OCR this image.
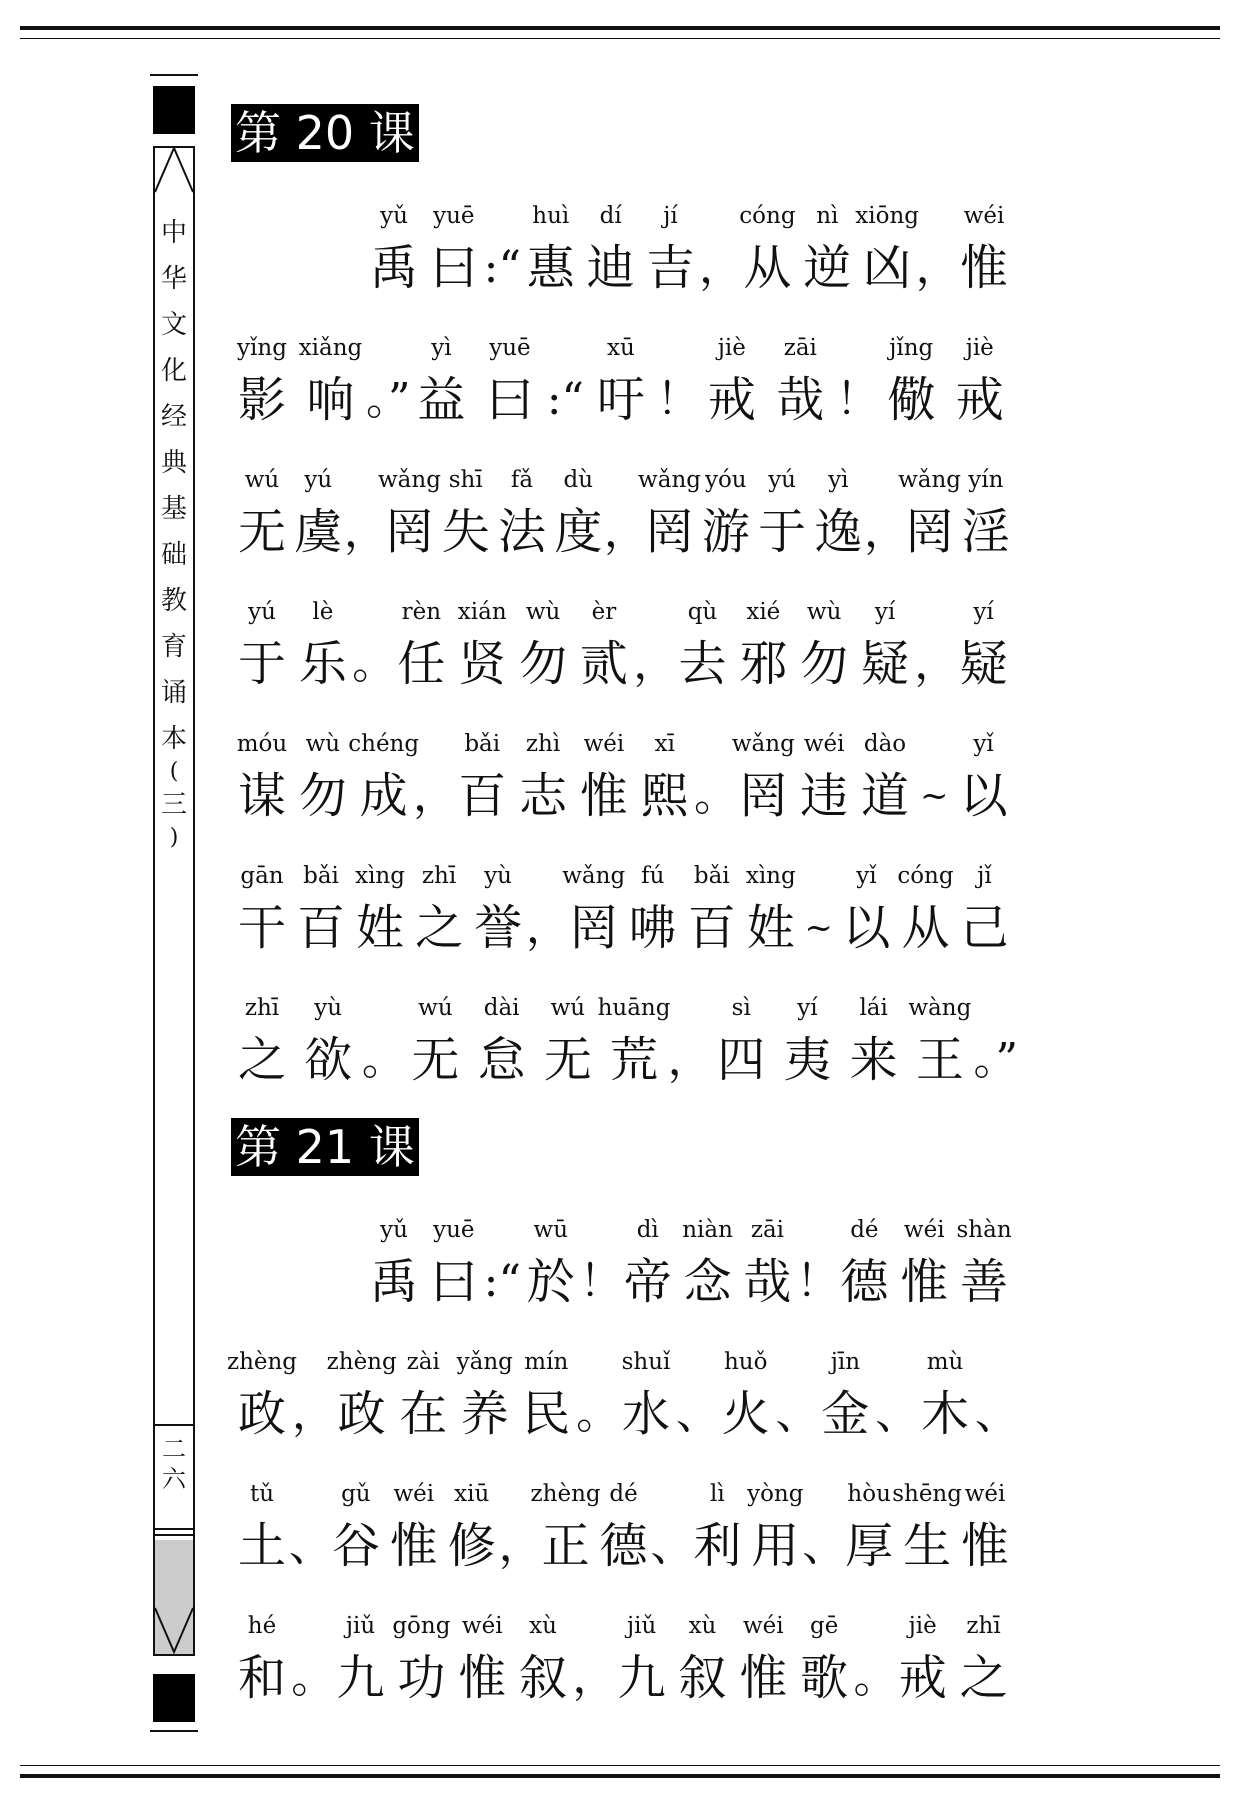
中
华
文
化
经
典
基
础
教
育
诵
本
(
三
)
二
六
第 20 课
第 21 课
yǔ
禹
yuē
曰 :“
huì
惠
dí
迪
jí
吉 ，
cóng
从
nì
逆
xiōng
凶 ，
wéi
惟
yǐng
影
xiǎng
响 。”
yì
益
yuē
曰 :“
xū
吁 ！
jiè
戒
zāi
哉 ！
jǐng
儆
jiè
戒
wú
无
yú
虞 ，
wǎng
罔
shī
失
fǎ
法
dù
度 ，
wǎng
罔
yóu
游
yú
于
yì
逸 ，
wǎng
罔
yín
淫
yú
于
lè
乐 。
rèn
任
xián
贤
wù
勿
èr
贰 ，
qù
去
xié
邪
wù
勿
yí
疑 ，
yí
疑
móu
谋
wù
勿
chéng
成 ，
bǎi
百
zhì
志
wéi
惟
xī
熙 。
wǎng
罔
wéi
违
dào
道 ~
yǐ
以
gān
干
bǎi
百
xìng
姓
zhī
之
yù
誉 ，
wǎng
罔
fú
咈
bǎi
百
xìng
姓 ~
yǐ
以
cóng
从
jǐ
己
zhī
之
yù
欲 。
wú
无
dài
怠
wú
无
huāng
荒 ，
sì
四
yí
夷
lái
来
wàng
王 。”
yǔ
禹
yuē
曰 :“
wū
於 ！
dì
帝
niàn
念
zāi
哉 ！
dé
德
wéi
惟
shàn
善
zhèng
政 ，
zhèng
政
zài
在
yǎng
养
mín
民 。
shuǐ
水 、
huǒ
火 、
jīn
金 、
mù
木 、
tǔ
土 、
gǔ
谷
wéi
惟
xiū
修 ，
zhèng
正
dé
德 、
lì
利
yòng
用 、
hòu
厚
shēng
生
wéi
惟
hé
和 。
jiǔ
九
gōng
功
wéi
惟
xù
叙 ，
jiǔ
九
xù
叙
wéi
惟
gē
歌 。
jiè
戒
zhī
之
